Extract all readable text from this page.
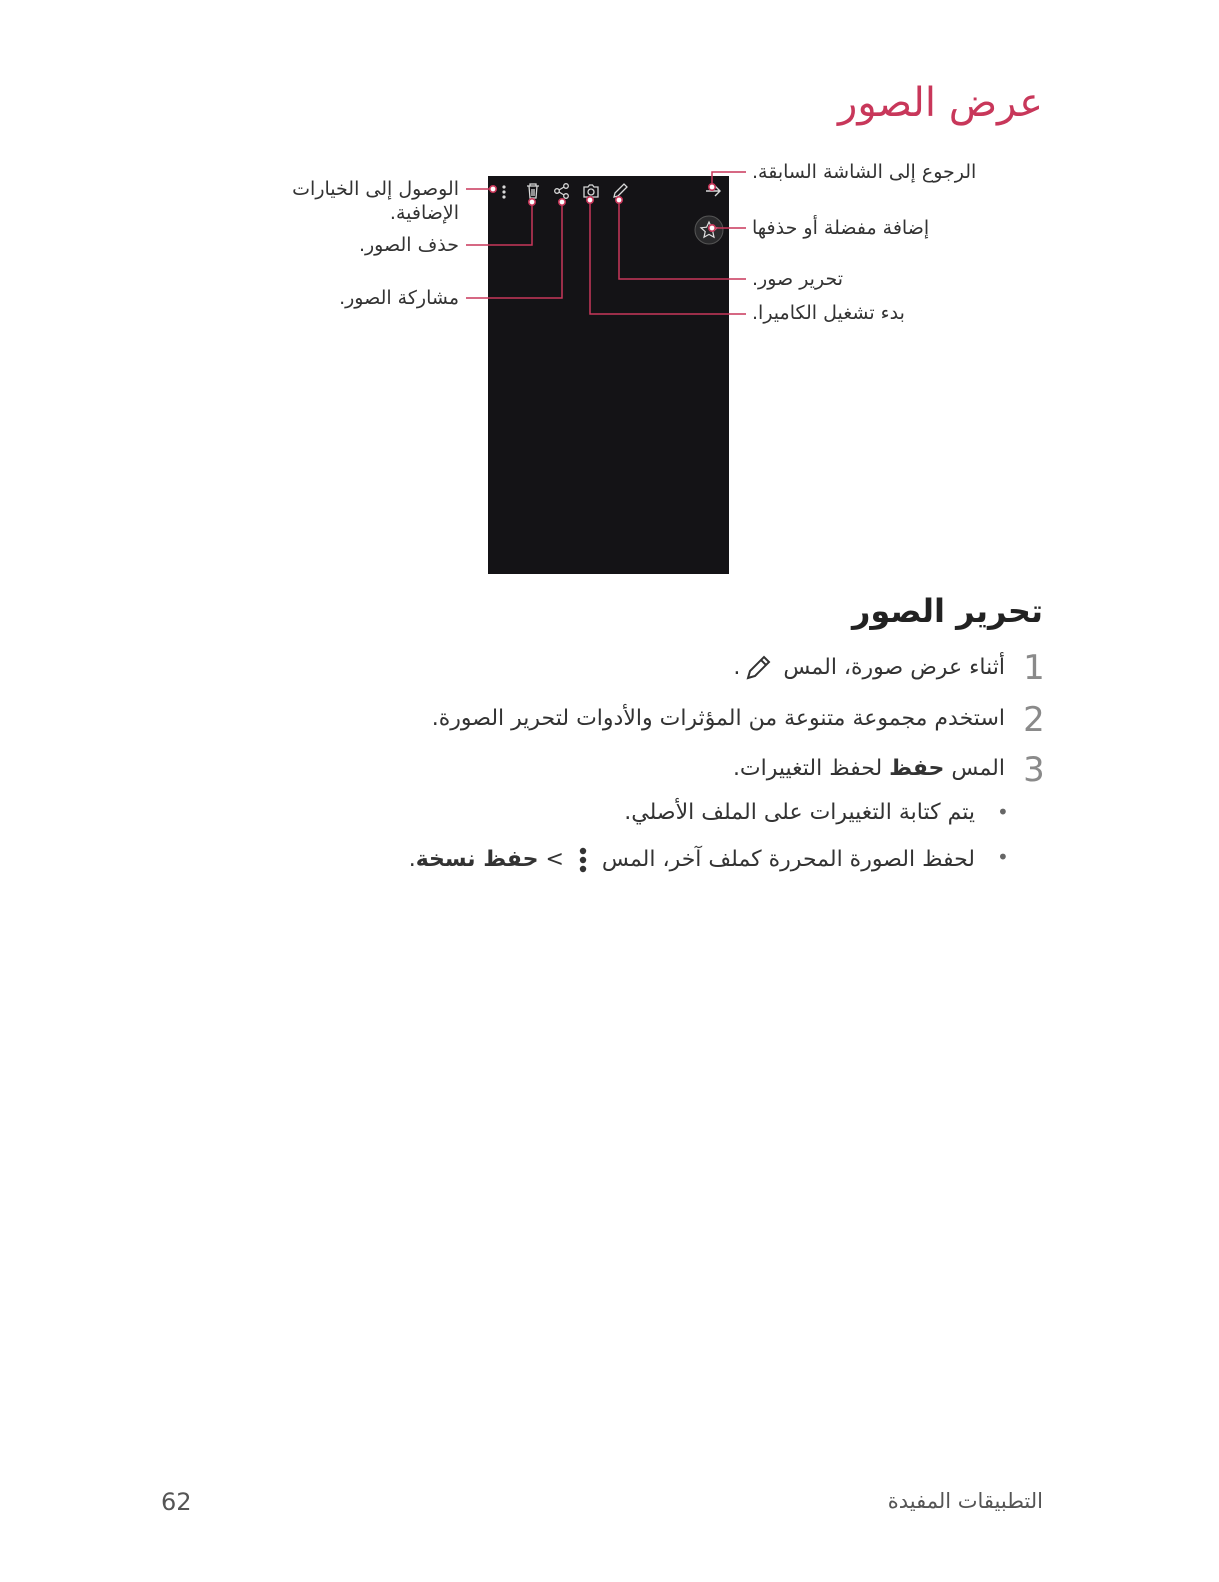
عرض الصور
الرجوع إلى الشاشة السابقة.
إضافة مفضلة أو حذفها
تحرير صور.
بدء تشغيل الكاميرا.
الوصول إلى الخيارات
الإضافية.
حذف الصور.
مشاركة الصور.
تحرير الصور
1
أثناء عرض صورة، المس .
2
استخدم مجموعة متنوعة من المؤثرات والأدوات لتحرير الصورة.
3
المس حفظ لحفظ التغييرات.
•
يتم كتابة التغييرات على الملف الأصلي.
•
لحفظ الصورة المحررة كملف آخر، المس  > حفظ نسخة.
62	التطبيقات المفيدة
